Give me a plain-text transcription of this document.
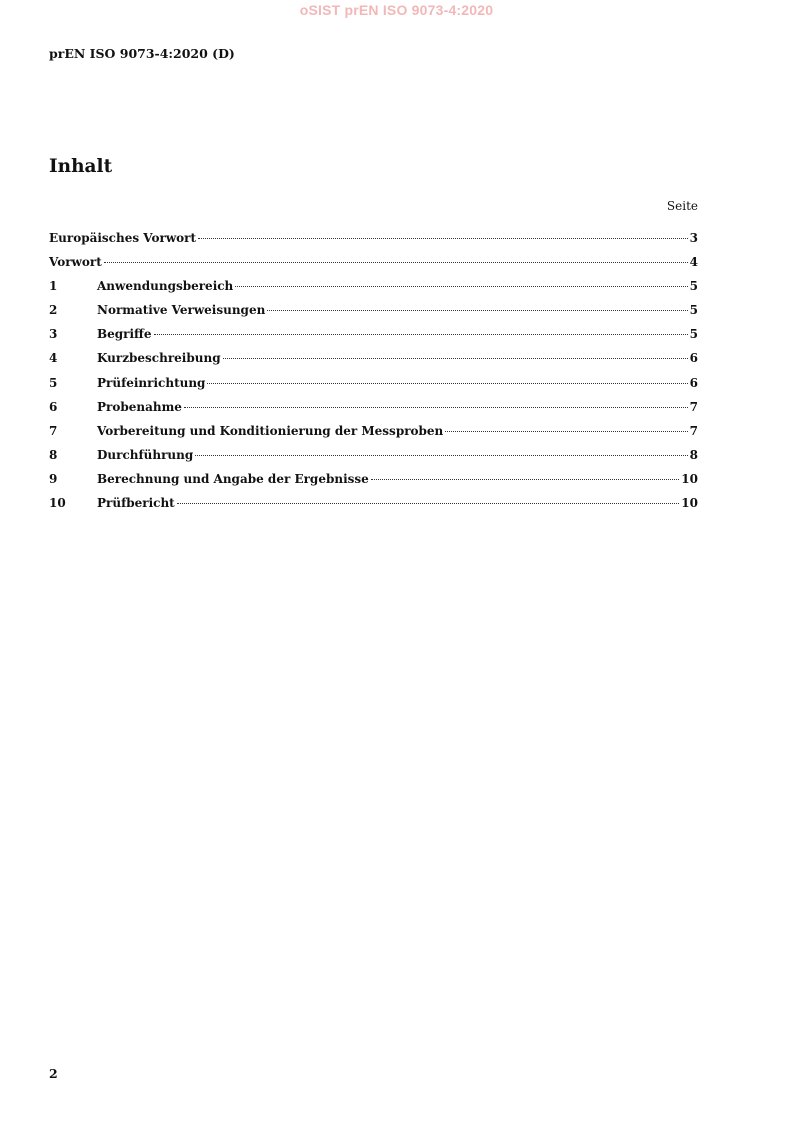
oSIST prEN ISO 9073-4:2020
prEN ISO 9073-4:2020 (D)
Inhalt
Seite
Europäisches Vorwort	3
Vorwort	4
1	Anwendungsbereich	5
2	Normative Verweisungen	5
3	Begriffe	5
4	Kurzbeschreibung	6
5	Prüfeinrichtung	6
6	Probenahme	7
7	Vorbereitung und Konditionierung der Messproben	7
8	Durchführung	8
9	Berechnung und Angabe der Ergebnisse	10
10	Prüfbericht	10
2
